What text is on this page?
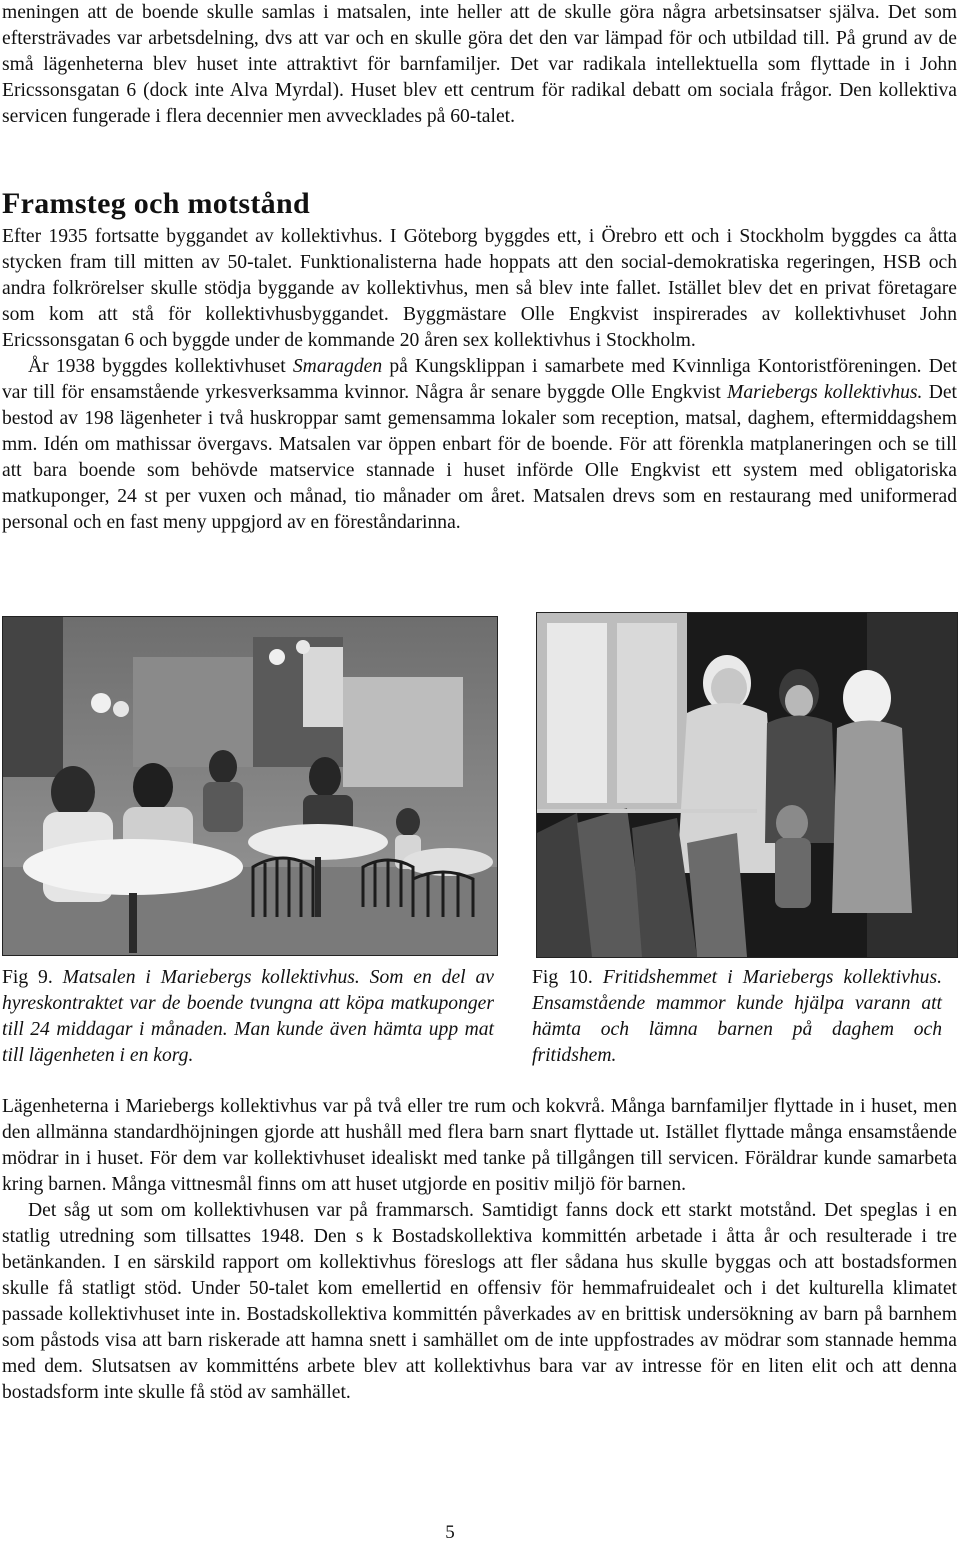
meningen att de boende skulle samlas i matsalen, inte heller att de skulle göra några arbetsinsatser själva. Det som eftersträvades var arbetsdelning, dvs att var och en skulle göra det den var lämpad för och utbildad till. På grund av de små lägenheterna blev huset inte attraktivt för barnfamiljer. Det var radikala intellektuella som flyttade in i John Ericssonsgatan 6 (dock inte Alva Myrdal). Huset blev ett centrum för radikal debatt om sociala frågor. Den kollektiva servicen fungerade i flera decennier men avvecklades på 60-talet.

Framsteg och motstånd

Efter 1935 fortsatte byggandet av kollektivhus. I Göteborg byggdes ett, i Örebro ett och i Stockholm byggdes ca åtta stycken fram till mitten av 50-talet. Funktionalisterna hade hoppats att den social-demokratiska regeringen, HSB och andra folkrörelser skulle stödja byggande av kollektivhus, men så blev inte fallet. Istället blev det en privat företagare som kom att stå för kollektivhusbyggandet. Byggmästare Olle Engkvist inspirerades av kollektivhuset John Ericssonsgatan 6 och byggde under de kommande 20 åren sex kollektivhus i Stockholm.

År 1938 byggdes kollektivhuset Smaragden på Kungsklippan i samarbete med Kvinnliga Kontoristföreningen. Det var till för ensamstående yrkesverksamma kvinnor. Några år senare byggde Olle Engkvist Mariebergs kollektivhus. Det bestod av 198 lägenheter i två huskroppar samt gemensamma lokaler som reception, matsal, daghem, eftermiddagshem mm. Idén om mathissar övergavs. Matsalen var öppen enbart för de boende. För att förenkla matplaneringen och se till att bara boende som behövde matservice stannade i huset införde Olle Engkvist ett system med obligatoriska matkuponger, 24 st per vuxen och månad, tio månader om året. Matsalen drevs som en restaurang med uniformerad personal och en fast meny uppgjord av en föreståndarinna.

Fig 9. Matsalen i Mariebergs kollektivhus. Som en del av hyreskontraktet var de boende tvungna att köpa matkuponger till 24 middagar i månaden. Man kunde även hämta upp mat till lägenheten i en korg.
Fig 10. Fritidshemmet i Mariebergs kollektivhus. Ensamstående mammor kunde hjälpa varann att hämta och lämna barnen på daghem och fritidshem.

Lägenheterna i Mariebergs kollektivhus var på två eller tre rum och kokvrå. Många barnfamiljer flyttade in i huset, men den allmänna standardhöjningen gjorde att hushåll med flera barn snart flyttade ut. Istället flyttade många ensamstående mödrar in i huset. För dem var kollektivhuset idealiskt med tanke på tillgången till servicen. Föräldrar kunde samarbeta kring barnen. Många vittnesmål finns om att huset utgjorde en positiv miljö för barnen.

Det såg ut som om kollektivhusen var på frammarsch. Samtidigt fanns dock ett starkt motstånd. Det speglas i en statlig utredning som tillsattes 1948. Den s k Bostadskollektiva kommittén arbetade i åtta år och resulterade i tre betänkanden. I en särskild rapport om kollektivhus föreslogs att fler sådana hus skulle byggas och att bostadsformen skulle få statligt stöd. Under 50-talet kom emellertid en offensiv för hemmafruidealet och i det kulturella klimatet passade kollektivhuset inte in. Bostadskollektiva kommittén påverkades av en brittisk undersökning av barn på barnhem som påstods visa att barn riskerade att hamna snett i samhället om de inte uppfostrades av mödrar som stannade hemma med dem. Slutsatsen av kommitténs arbete blev att kollektivhus bara var av intresse för en liten elit och att denna bostadsform inte skulle få stöd av samhället.

5
